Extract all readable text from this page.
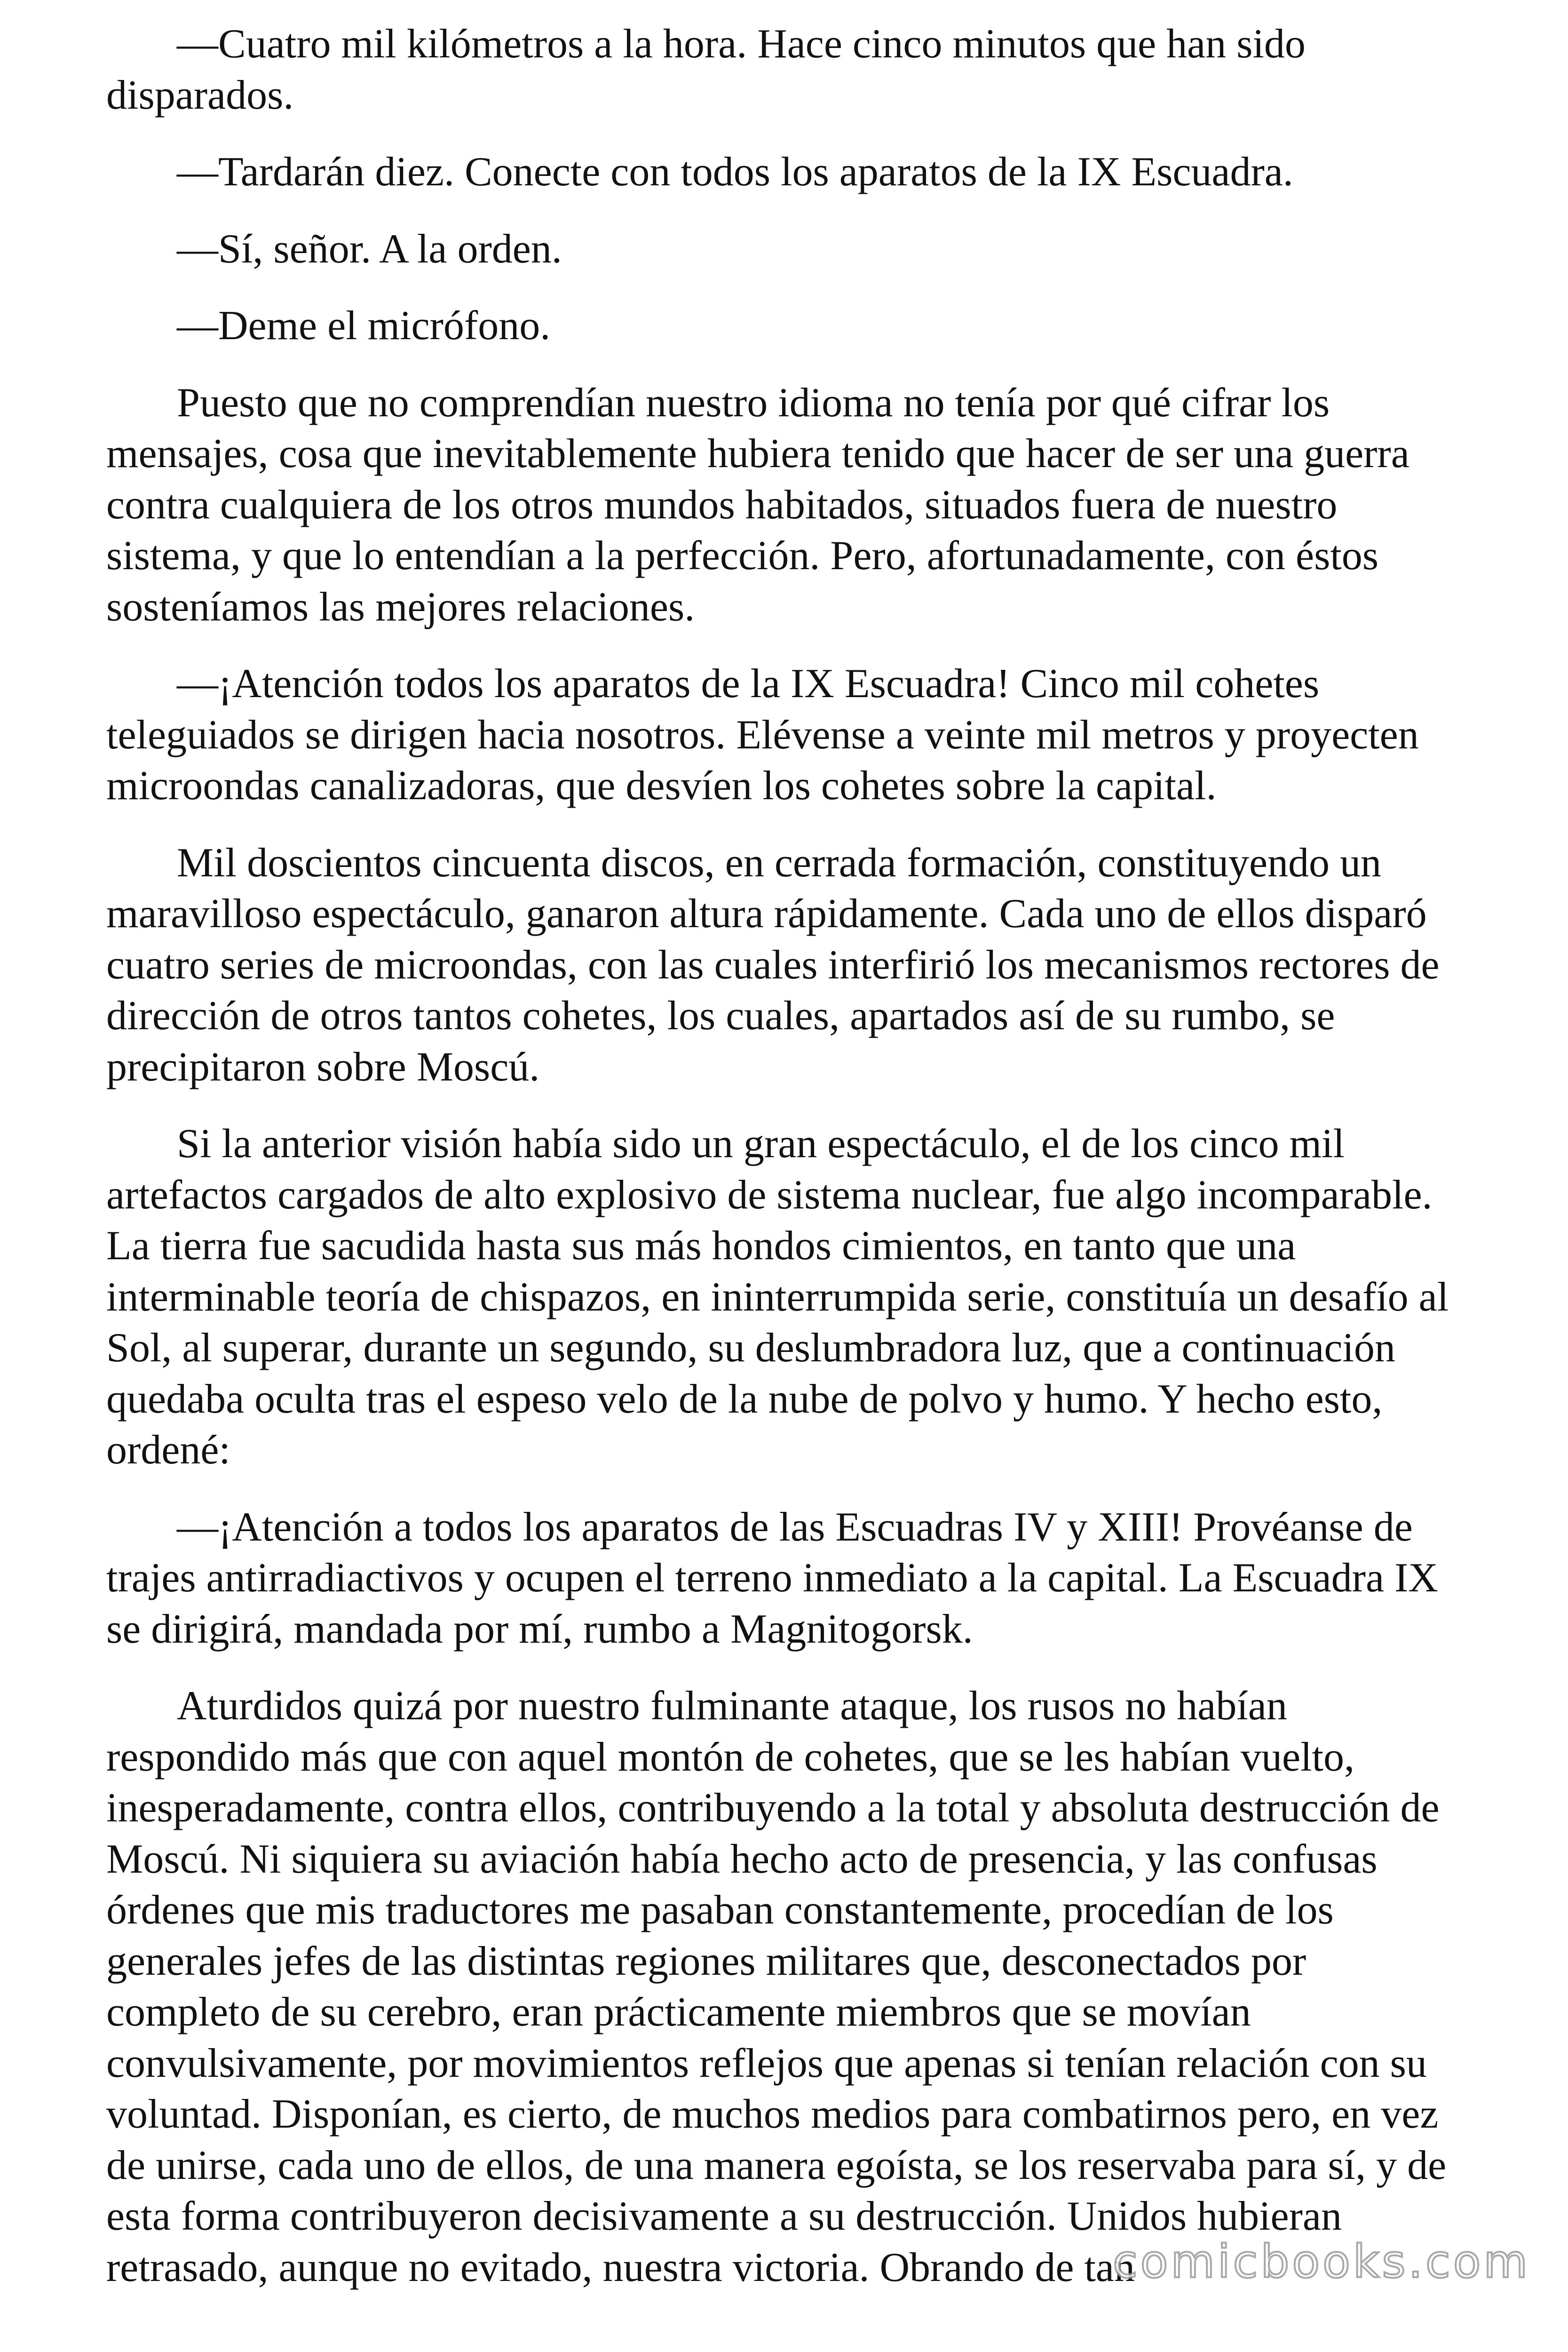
—Cuatro mil kilómetros a la hora. Hace cinco minutos que han sido disparados.

—Tardarán diez. Conecte con todos los aparatos de la IX Escuadra.

—Sí, señor. A la orden.

—Deme el micrófono.

Puesto que no comprendían nuestro idioma no tenía por qué cifrar los mensajes, cosa que inevitablemente hubiera tenido que hacer de ser una guerra contra cualquiera de los otros mundos habitados, situados fuera de nuestro sistema, y que lo entendían a la perfección. Pero, afortunadamente, con éstos sosteníamos las mejores relaciones.

—¡Atención todos los aparatos de la IX Escuadra! Cinco mil cohetes teleguiados se dirigen hacia nosotros. Elévense a veinte mil metros y proyecten microondas canalizadoras, que desvíen los cohetes sobre la capital.

Mil doscientos cincuenta discos, en cerrada formación, constituyendo un maravilloso espectáculo, ganaron altura rápidamente. Cada uno de ellos disparó cuatro series de microondas, con las cuales interfirió los mecanismos rectores de dirección de otros tantos cohetes, los cuales, apartados así de su rumbo, se precipitaron sobre Moscú.

Si la anterior visión había sido un gran espectáculo, el de los cinco mil artefactos cargados de alto explosivo de sistema nuclear, fue algo incomparable. La tierra fue sacudida hasta sus más hondos cimientos, en tanto que una interminable teoría de chispazos, en ininterrumpida serie, constituía un desafío al Sol, al superar, durante un segundo, su deslumbradora luz, que a continuación quedaba oculta tras el espeso velo de la nube de polvo y humo. Y hecho esto, ordené:

—¡Atención a todos los aparatos de las Escuadras IV y XIII! Provéanse de trajes antirradiactivos y ocupen el terreno inmediato a la capital. La Escuadra IX se dirigirá, mandada por mí, rumbo a Magnitogorsk.

Aturdidos quizá por nuestro fulminante ataque, los rusos no habían respondido más que con aquel montón de cohetes, que se les habían vuelto, inesperadamente, contra ellos, contribuyendo a la total y absoluta destrucción de Moscú. Ni siquiera su aviación había hecho acto de presencia, y las confusas órdenes que mis traductores me pasaban constantemente, procedían de los generales jefes de las distintas regiones militares que, desconectados por completo de su cerebro, eran prácticamente miembros que se movían convulsivamente, por movimientos reflejos que apenas si tenían relación con su voluntad. Disponían, es cierto, de muchos medios para combatirnos pero, en vez de unirse, cada uno de ellos, de una manera egoísta, se los reservaba para sí, y de esta forma contribuyeron decisivamente a su destrucción. Unidos hubieran retrasado, aunque no evitado, nuestra victoria. Obrando de tan

comicbooks.com
